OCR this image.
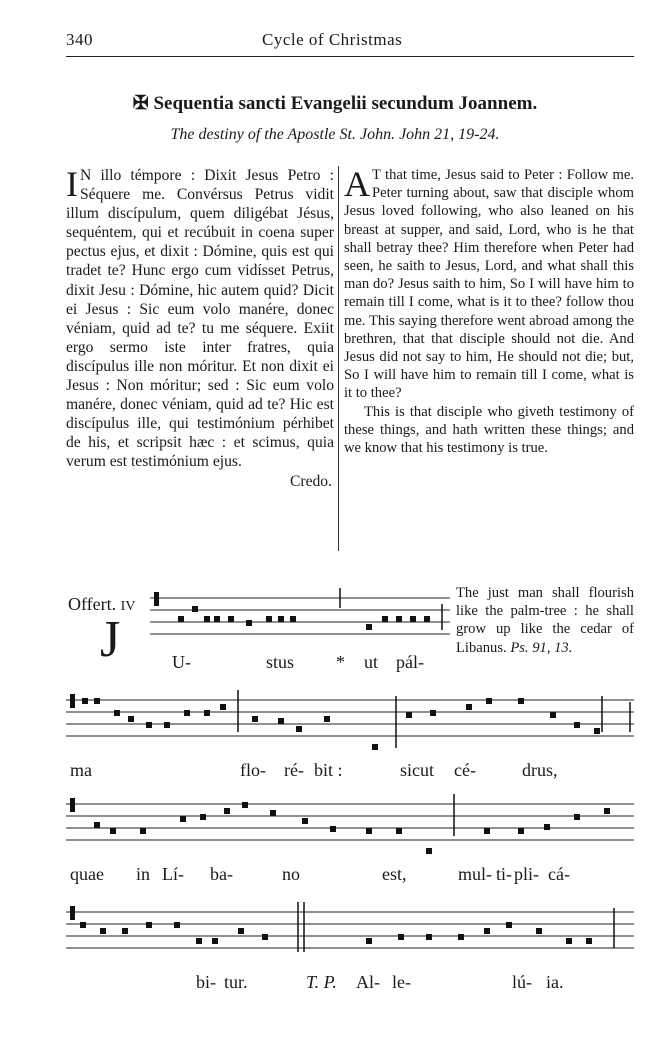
340	Cycle of Christmas
✠ Sequentia sancti Evangelii secundum Joannem.
The destiny of the Apostle St. John. John 21, 19-24.
I N illo témpore : Dixit Jesus Petro : Séquere me. Convérsus Petrus vidit illum discípulum, quem diligébat Jésus, sequéntem, qui et recúbuit in coena super pectus ejus, et dixit : Dómine, quis est qui tradet te? Hunc ergo cum vidísset Petrus, dixit Jesu : Dómine, hic autem quid? Dicit ei Jesus : Sic eum volo manére, donec véniam, quid ad te? tu me séquere. Exiit ergo sermo iste inter fratres, quia discípulus ille non móritur. Et non dixit ei Jesus : Non móritur; sed : Sic eum volo manére, donec véniam, quid ad te? Hic est discípulus ille, qui testimónium pérhibet de his, et scripsit hæc : et scimus, quia verum est testimónium ejus.
Credo.
A T that time, Jesus said to Peter : Follow me. Peter turning about, saw that disciple whom Jesus loved following, who also leaned on his breast at supper, and said, Lord, who is he that shall betray thee? Him therefore when Peter had seen, he saith to Jesus, Lord, and what shall this man do? Jesus saith to him, So I will have him to remain till I come, what is it to thee? follow thou me. This saying therefore went abroad among the brethren, that that disciple should not die. And Jesus did not say to him, He should not die; but, So I will have him to remain till I come, what is it to thee?
This is that disciple who giveth testimony of these things, and hath written these things; and we know that his testimony is true.
Offert. IV
J
The just man shall flourish like the palm-tree : he shall grow up like the cedar of Libanus. Ps. 91, 13.
U-	stus * ut pál-
ma	flo- ré- bit :	sicut cé-	drus,
quae in Lí- ba-	no	est,	mul- ti- pli- cá-
bi- tur.	T. P. Al- le-	lú- ia.
